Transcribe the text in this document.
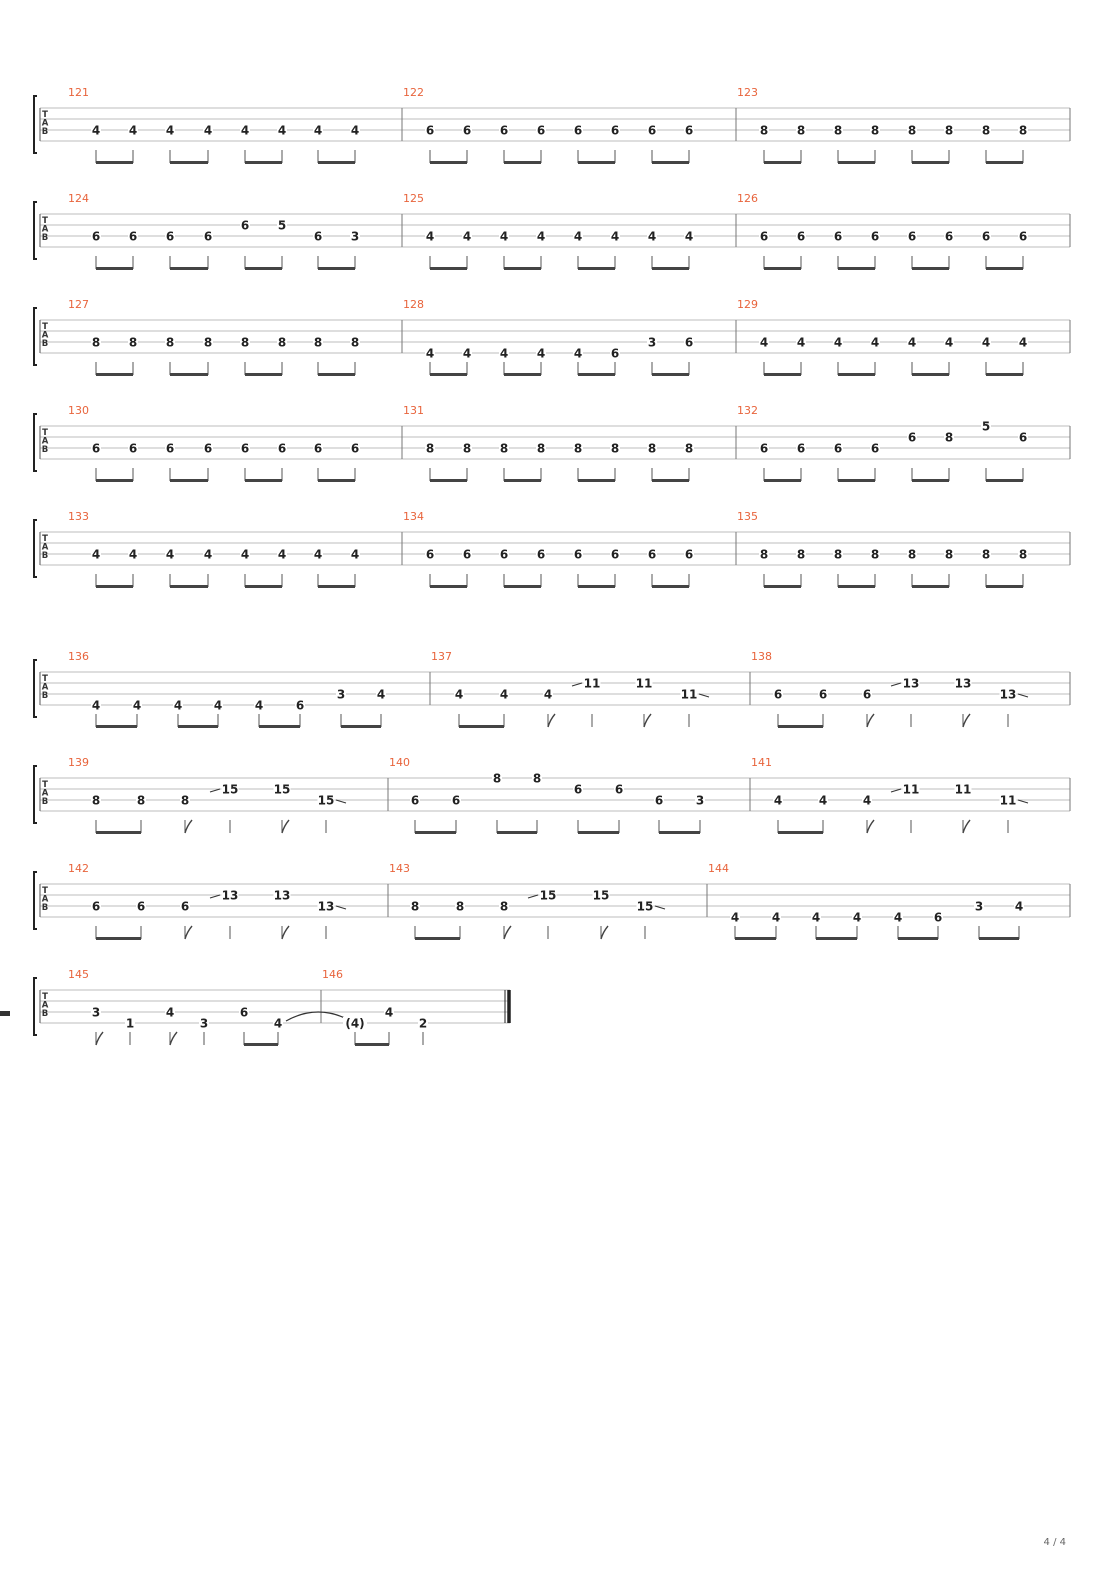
T
A
B
121
4 4 4 4 4 4 4 4
122
6 6 6 6 6 6 6 6
123
8 8 8 8 8 8 8 8
T
A
B
124
6 6 6 6
6 5
6 3
125
4 4 4 4 4 4 4 4
126
6 6 6 6 6 6 6 6
T
A
B
127
8 8 8 8 8 8 8 8
128
4 4 4 4 4 6
3 6
129
4 4 4 4 4 4 4 4
T
A
B
130
6 6 6 6 6 6 6 6
131
8 8 8 8 8 8 8 8
132
6 6 6 6
6 8
5
6
T
A
B
133
4 4 4 4 4 4 4 4
134
6 6 6 6 6 6 6 6
135
8 8 8 8 8 8 8 8
T
A
B
136
4	4	4	4	4	6
3	4
137
4	4	4
11	11
11
138
6	6	6
13	13
13
T
A
B
139
8	8	8
15	15
15
140
6	6
8	8
6	6
6	3
141
4	4	4
11	11
11
T
A
B
142
6	6	6
13	13
13
143
8	8	8
15	15
15
144
4	4	4	4	4	6
3	4
T
A
B
145
3
1
4
3
6
4
146
(4)
4
2
4 / 4
